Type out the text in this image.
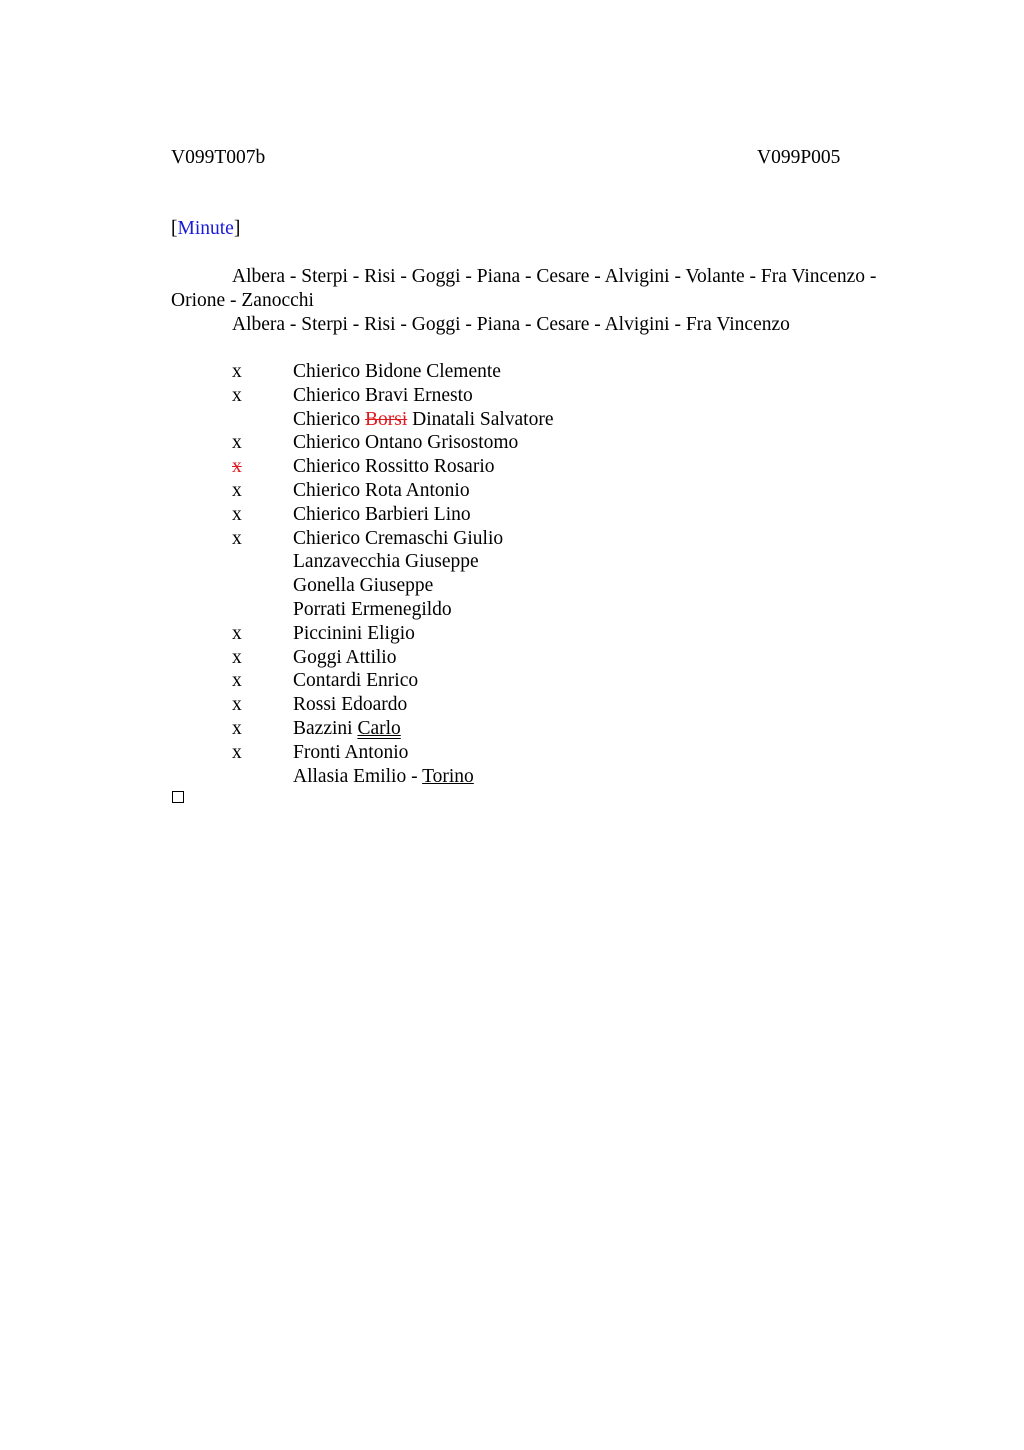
V099T007b	V099P005
[Minute]
Albera - Sterpi - Risi - Goggi - Piana - Cesare - Alvigini - Volante - Fra Vincenzo -
Orione - Zanocchi
Albera - Sterpi - Risi - Goggi - Piana - Cesare - Alvigini - Fra Vincenzo
x	Chierico Bidone Clemente
x	Chierico Bravi Ernesto
Chierico Borsi Dinatali Salvatore
x	Chierico Ontano Grisostomo
x	Chierico Rossitto Rosario
x	Chierico Rota Antonio
x	Chierico Barbieri Lino
x	Chierico Cremaschi Giulio
Lanzavecchia Giuseppe
Gonella Giuseppe
Porrati Ermenegildo
x	Piccinini Eligio
x	Goggi Attilio
x	Contardi Enrico
x	Rossi Edoardo
x	Bazzini Carlo
x	Fronti Antonio
Allasia Emilio - Torino
